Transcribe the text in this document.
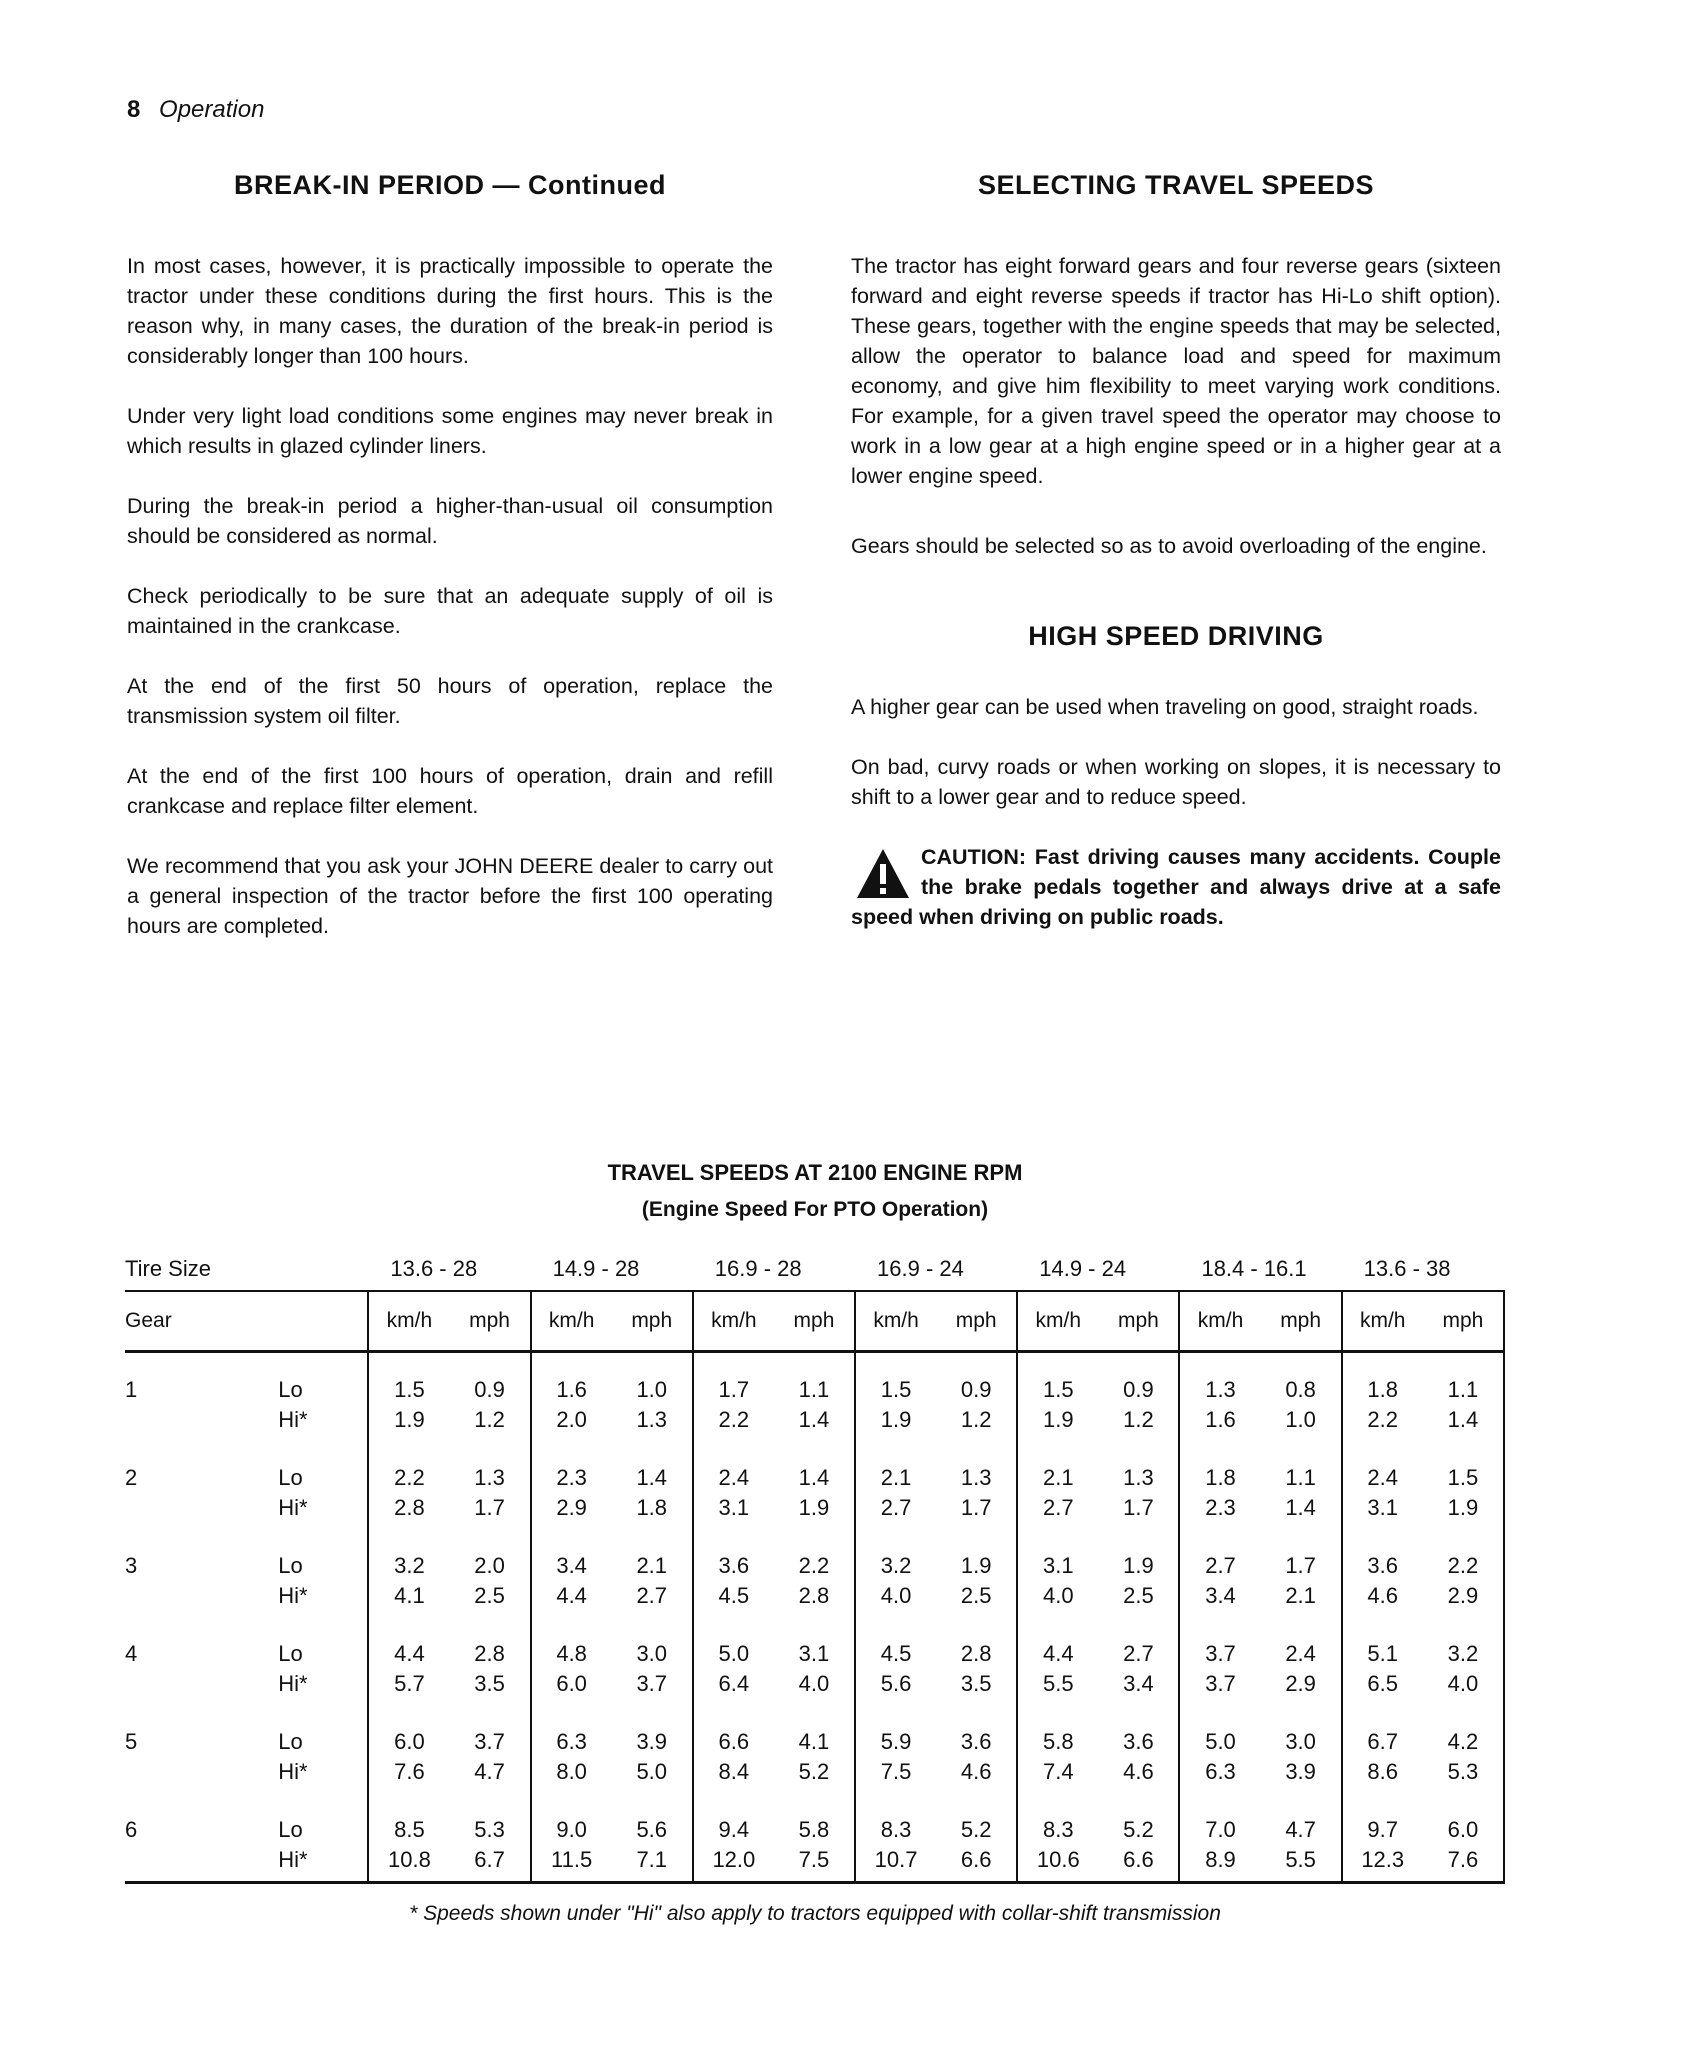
8 Operation
BREAK-IN PERIOD — Continued

In most cases, however, it is practically impossible to operate the tractor under these conditions during the first hours. This is the reason why, in many cases, the duration of the break-in period is considerably longer than 100 hours.

Under very light load conditions some engines may never break in which results in glazed cylinder liners.

During the break-in period a higher-than-usual oil consumption should be considered as normal.

Check periodically to be sure that an adequate supply of oil is maintained in the crankcase.

At the end of the first 50 hours of operation, replace the transmission system oil filter.

At the end of the first 100 hours of operation, drain and refill crankcase and replace filter element.

We recommend that you ask your JOHN DEERE dealer to carry out a general inspection of the tractor before the first 100 operating hours are completed.

SELECTING TRAVEL SPEEDS

The tractor has eight forward gears and four reverse gears (sixteen forward and eight reverse speeds if tractor has Hi-Lo shift option). These gears, together with the engine speeds that may be selected, allow the operator to balance load and speed for maximum economy, and give him flexibility to meet varying work conditions. For example, for a given travel speed the operator may choose to work in a low gear at a high engine speed or in a higher gear at a lower engine speed.

Gears should be selected so as to avoid overloading of the engine.

HIGH SPEED DRIVING

A higher gear can be used when traveling on good, straight roads.

On bad, curvy roads or when working on slopes, it is necessary to shift to a lower gear and to reduce speed.

CAUTION: Fast driving causes many accidents. Couple the brake pedals together and always drive at a safe speed when driving on public roads.
TRAVEL SPEEDS AT 2100 ENGINE RPM
(Engine Speed For PTO Operation)
Tire Size		13.6 - 28		14.9 - 28		16.9 - 28		16.9 - 24		14.9 - 24		18.4 - 16.1		13.6 - 38	
Gear		km/h	mph	km/h	mph	km/h	mph	km/h	mph	km/h	mph	km/h	mph	km/h	mph

1	Lo	1.5	0.9	1.6	1.0	1.7	1.1	1.5	0.9	1.5	0.9	1.3	0.8	1.8	1.1
	Hi*	1.9	1.2	2.0	1.3	2.2	1.4	1.9	1.2	1.9	1.2	1.6	1.0	2.2	1.4

2	Lo	2.2	1.3	2.3	1.4	2.4	1.4	2.1	1.3	2.1	1.3	1.8	1.1	2.4	1.5
	Hi*	2.8	1.7	2.9	1.8	3.1	1.9	2.7	1.7	2.7	1.7	2.3	1.4	3.1	1.9

3	Lo	3.2	2.0	3.4	2.1	3.6	2.2	3.2	1.9	3.1	1.9	2.7	1.7	3.6	2.2
	Hi*	4.1	2.5	4.4	2.7	4.5	2.8	4.0	2.5	4.0	2.5	3.4	2.1	4.6	2.9

4	Lo	4.4	2.8	4.8	3.0	5.0	3.1	4.5	2.8	4.4	2.7	3.7	2.4	5.1	3.2
	Hi*	5.7	3.5	6.0	3.7	6.4	4.0	5.6	3.5	5.5	3.4	3.7	2.9	6.5	4.0

5	Lo	6.0	3.7	6.3	3.9	6.6	4.1	5.9	3.6	5.8	3.6	5.0	3.0	6.7	4.2
	Hi*	7.6	4.7	8.0	5.0	8.4	5.2	7.5	4.6	7.4	4.6	6.3	3.9	8.6	5.3

6	Lo	8.5	5.3	9.0	5.6	9.4	5.8	8.3	5.2	8.3	5.2	7.0	4.7	9.7	6.0
	Hi*	10.8	6.7	11.5	7.1	12.0	7.5	10.7	6.6	10.6	6.6	8.9	5.5	12.3	7.6
* Speeds shown under "Hi" also apply to tractors equipped with collar-shift transmission
